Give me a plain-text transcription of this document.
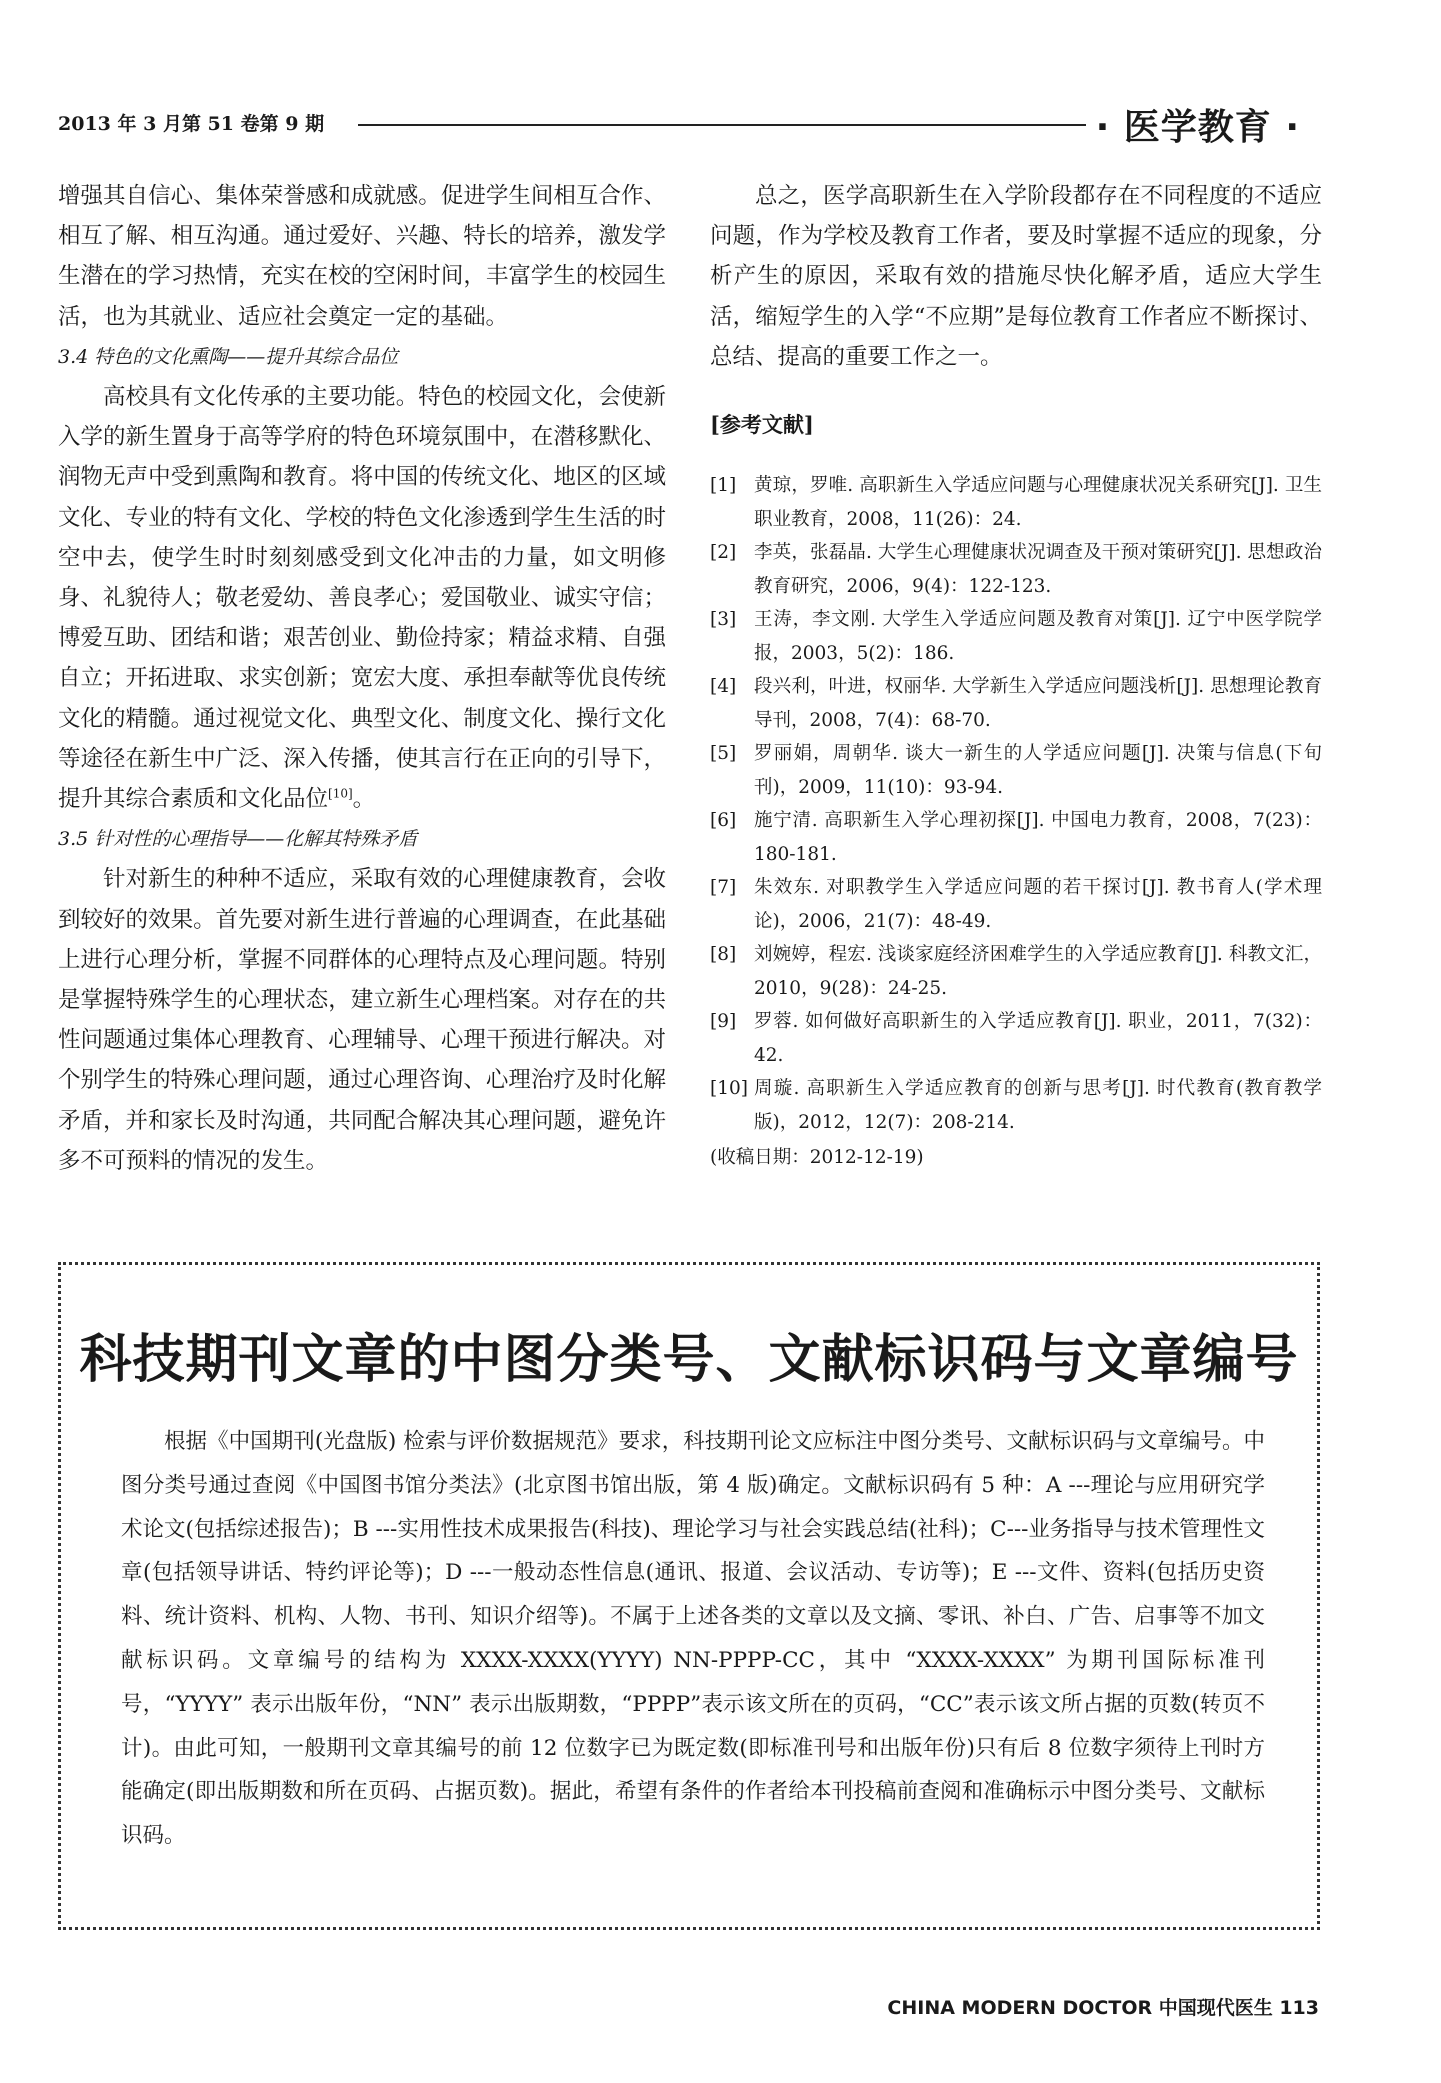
2013 年 3 月第 51 卷第 9 期	· 医学教育 ·

增强其自信心、集体荣誉感和成就感。促进学生间相互合作、相互了解、相互沟通。通过爱好、兴趣、特长的培养，激发学生潜在的学习热情，充实在校的空闲时间，丰富学生的校园生活，也为其就业、适应社会奠定一定的基础。

3.4 特色的文化熏陶——提升其综合品位

高校具有文化传承的主要功能。特色的校园文化，会使新入学的新生置身于高等学府的特色环境氛围中，在潜移默化、润物无声中受到熏陶和教育。将中国的传统文化、地区的区域文化、专业的特有文化、学校的特色文化渗透到学生生活的时空中去，使学生时时刻刻感受到文化冲击的力量，如文明修身、礼貌待人；敬老爱幼、善良孝心；爱国敬业、诚实守信；博爱互助、团结和谐；艰苦创业、勤俭持家；精益求精、自强自立；开拓进取、求实创新；宽宏大度、承担奉献等优良传统文化的精髓。通过视觉文化、典型文化、制度文化、操行文化等途径在新生中广泛、深入传播，使其言行在正向的引导下，提升其综合素质和文化品位[10]。

3.5 针对性的心理指导——化解其特殊矛盾

针对新生的种种不适应，采取有效的心理健康教育，会收到较好的效果。首先要对新生进行普遍的心理调查，在此基础上进行心理分析，掌握不同群体的心理特点及心理问题。特别是掌握特殊学生的心理状态，建立新生心理档案。对存在的共性问题通过集体心理教育、心理辅导、心理干预进行解决。对个别学生的特殊心理问题，通过心理咨询、心理治疗及时化解矛盾，并和家长及时沟通，共同配合解决其心理问题，避免许多不可预料的情况的发生。

总之，医学高职新生在入学阶段都存在不同程度的不适应问题，作为学校及教育工作者，要及时掌握不适应的现象，分析产生的原因，采取有效的措施尽快化解矛盾，适应大学生活，缩短学生的入学“不应期”是每位教育工作者应不断探讨、总结、提高的重要工作之一。

[参考文献]

[1] 黄琼，罗唯. 高职新生入学适应问题与心理健康状况关系研究[J]. 卫生职业教育，2008，11(26)：24.
[2] 李英，张磊晶. 大学生心理健康状况调查及干预对策研究[J]. 思想政治教育研究，2006，9(4)：122-123.
[3] 王涛，李文刚. 大学生入学适应问题及教育对策[J]. 辽宁中医学院学报，2003，5(2)：186.
[4] 段兴利，叶进，权丽华. 大学新生入学适应问题浅析[J]. 思想理论教育导刊，2008，7(4)：68-70.
[5] 罗丽娟，周朝华. 谈大一新生的人学适应问题[J]. 决策与信息(下旬刊)，2009，11(10)：93-94.
[6] 施宁清. 高职新生入学心理初探[J]. 中国电力教育，2008，7(23)：180-181.
[7] 朱效东. 对职教学生入学适应问题的若干探讨[J]. 教书育人(学术理论)，2006，21(7)：48-49.
[8] 刘婉婷，程宏. 浅谈家庭经济困难学生的入学适应教育[J]. 科教文汇，2010，9(28)：24-25.
[9] 罗蓉. 如何做好高职新生的入学适应教育[J]. 职业，2011，7(32)：42.
[10] 周璇. 高职新生入学适应教育的创新与思考[J]. 时代教育(教育教学版)，2012，12(7)：208-214.

(收稿日期：2012-12-19)

科技期刊文章的中图分类号、文献标识码与文章编号

根据《中国期刊(光盘版) 检索与评价数据规范》要求，科技期刊论文应标注中图分类号、文献标识码与文章编号。中图分类号通过查阅《中国图书馆分类法》(北京图书馆出版，第 4 版)确定。文献标识码有 5 种：A ---理论与应用研究学术论文(包括综述报告)；B ---实用性技术成果报告(科技)、理论学习与社会实践总结(社科)；C---业务指导与技术管理性文章(包括领导讲话、特约评论等)；D ---一般动态性信息(通讯、报道、会议活动、专访等)；E ---文件、资料(包括历史资料、统计资料、机构、人物、书刊、知识介绍等)。不属于上述各类的文章以及文摘、零讯、补白、广告、启事等不加文献标识码。文章编号的结构为 XXXX-XXXX(YYYY) NN-PPPP-CC，其中 “XXXX-XXXX” 为期刊国际标准刊号，“YYYY” 表示出版年份，“NN” 表示出版期数，“PPPP”表示该文所在的页码，“CC”表示该文所占据的页数(转页不计)。由此可知，一般期刊文章其编号的前 12 位数字已为既定数(即标准刊号和出版年份)只有后 8 位数字须待上刊时方能确定(即出版期数和所在页码、占据页数)。据此，希望有条件的作者给本刊投稿前查阅和准确标示中图分类号、文献标识码。

CHINA MODERN DOCTOR 中国现代医生 113
